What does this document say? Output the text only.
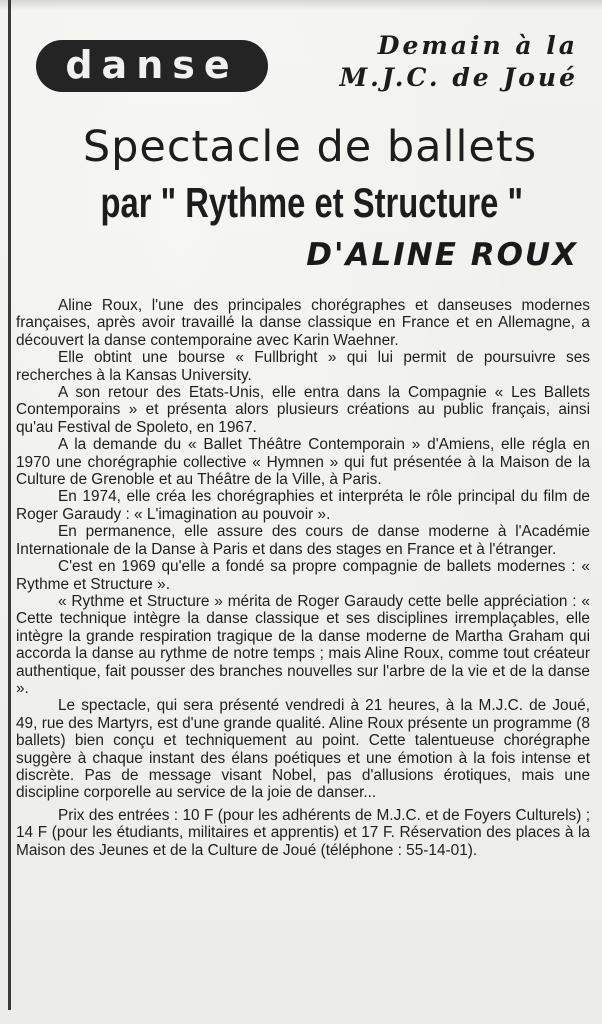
danse	Demain à la
M.J.C. de Joué
Spectacle de ballets
par " Rythme et Structure "
D'ALINE ROUX

Aline Roux, l'une des principales chorégraphes et danseuses modernes françaises, après avoir travaillé la danse classique en France et en Allemagne, a découvert la danse contemporaine avec Karin Waehner.

Elle obtint une bourse « Fullbright » qui lui permit de poursuivre ses recherches à la Kansas University.

A son retour des Etats-Unis, elle entra dans la Compagnie « Les Ballets Contemporains » et présenta alors plusieurs créations au public français, ainsi qu'au Festival de Spoleto, en 1967.

A la demande du « Ballet Théâtre Contemporain » d'Amiens, elle régla en 1970 une chorégraphie collective « Hymnen » qui fut présentée à la Maison de la Culture de Grenoble et au Théâtre de la Ville, à Paris.

En 1974, elle créa les chorégraphies et interpréta le rôle principal du film de Roger Garaudy : « L'imagination au pouvoir ».

En permanence, elle assure des cours de danse moderne à l'Académie Internationale de la Danse à Paris et dans des stages en France et à l'étranger.

C'est en 1969 qu'elle a fondé sa propre compagnie de ballets modernes : « Rythme et Structure ».

« Rythme et Structure » mérita de Roger Garaudy cette belle appréciation : « Cette technique intègre la danse classique et ses disciplines irremplaçables, elle intègre la grande respiration tragique de la danse moderne de Martha Graham qui accorda la danse au rythme de notre temps ; mais Aline Roux, comme tout créateur authentique, fait pousser des branches nouvelles sur l'arbre de la vie et de la danse ».

Le spectacle, qui sera présenté vendredi à 21 heures, à la M.J.C. de Joué, 49, rue des Martyrs, est d'une grande qualité. Aline Roux présente un programme (8 ballets) bien conçu et techniquement au point. Cette talentueuse chorégraphe suggère à chaque instant des élans poétiques et une émotion à la fois intense et discrète. Pas de message visant Nobel, pas d'allusions érotiques, mais une discipline corporelle au service de la joie de danser...

Prix des entrées : 10 F (pour les adhérents de M.J.C. et de Foyers Culturels) ; 14 F (pour les étudiants, militaires et apprentis) et 17 F. Réservation des places à la Maison des Jeunes et de la Culture de Joué (téléphone : 55-14-01).
